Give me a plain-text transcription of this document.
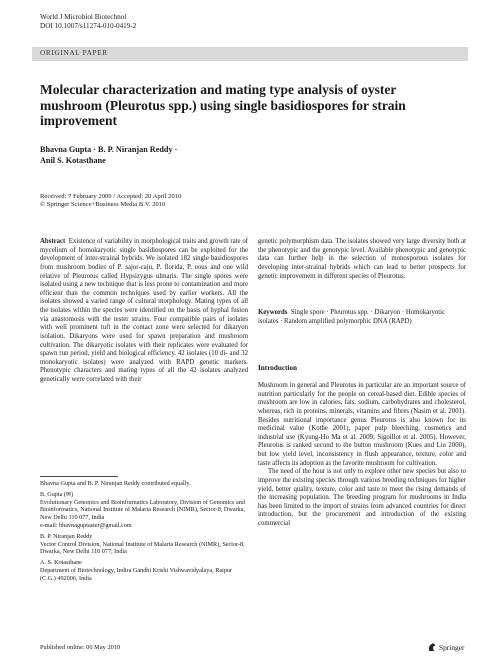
World J Microbiol Biotechnol
DOI 10.1007/s11274-010-0419-2
ORIGINAL PAPER
Molecular characterization and mating type analysis of oyster mushroom (Pleurotus spp.) using single basidiospores for strain improvement
Bhavna Gupta · B. P. Niranjan Reddy ·
Anil S. Kotasthane
Received: 7 February 2009 / Accepted: 20 April 2010
© Springer Science+Business Media B.V. 2010

Abstract Existence of variability in morphological traits and growth rate of mycelium of homokaryotic single basidiospores can be exploited for the development of inter-strainal hybrids. We isolated 182 single basidiospores from mushroom bodies of P. sajor-caju, P. florida, P. eous and one wild relative of Pleurotus called Hypsizygus ulmaris. The single spores were isolated using a new technique that is less prone to contamination and more efficient than the common techniques used by earlier workers. All the isolates showed a varied range of cultural morphology. Mating types of all the isolates within the species were identified on the basis of hyphal fusion via anastomosis with the tester strains. Four compatible pairs of isolates with well prominent tuft in the contact zone were selected for dikaryon isolation. Dikaryons were used for spawn preparation and mushroom cultivation. The dikaryotic isolates with their replicates were evaluated for spawn run period, yield and biological efficiency. 42 isolates (10 di- and 32 monokaryotic isolates) were analyzed with RAPD genetic markers. Phenotypic characters and mating types of all the 42 isolates analyzed genetically were correlated with their

genetic polymorphism data. The isolates showed very large diversity both at the phenotypic and the genotypic level. Available phenotypic and genotypic data can further help in the selection of monosporous isolates for developing inter-strainal hybrids which can lead to better prospects for genetic improvement in different species of Pleurotus.

Keywords Single spore · Pleurotus spp. · Dikaryon · Homokaryotic isolates · Random amplified polymorphic DNA (RAPD)
Introduction

Mushroom in general and Pleurotus in particular are an important source of nutrition particularly for the people on cereal-based diet. Edible species of mushroom are low in calories, fats, sodium, carbohydrates and cholesterol, whereas, rich in proteins, minerals, vitamins and fibres (Nasim et al. 2001). Besides nutritional importance genus Pleurotus is also known for its medicinal value (Kothe 2001), paper pulp bleeching, cosmetics and industrial use (Kyung-Ho Ma et al. 2009; Sigoillot et al. 2005). However, Pleurotus is ranked second to the button mushroom (Kues and Liu 2000), but low yield level, inconsistency in flush appearance, texture, color and taste affects its adoption as the favorite mushroom for cultivation.

The need of the hour is not only to explore other new species but also to improve the existing species through various breeding techniques for higher yield, better quality, texture, color and taste to meet the rising demands of the increasing population. The breeding program for mushrooms in India has been limited to the import of strains from advanced countries for direct introduction, but the procurement and introduction of the existing commercial

Bhavna Gupta and B. P. Niranjan Reddy contributed equally.

B. Gupta (✉)
Evolutionary Genomics and Bioinformatics Laboratory, Division of Genomics and Bioinformatics, National Institute of Malaria Research (NIMR), Sector-8, Dwarka, New Delhi 110 077, India
e-mail: bhavnaguptaster@gmail.com

B. P. Niranjan Reddy
Vector Control Division, National Institute of Malaria Research (NIMR), Sector-8, Dwarka, New Delhi 110 077, India

A. S. Kotasthane
Department of Biotechnology, Indira Gandhi Krishi Vishwavidyalaya, Raipur (C.G.) 492006, India

Published online: 06 May 2010	Springer
